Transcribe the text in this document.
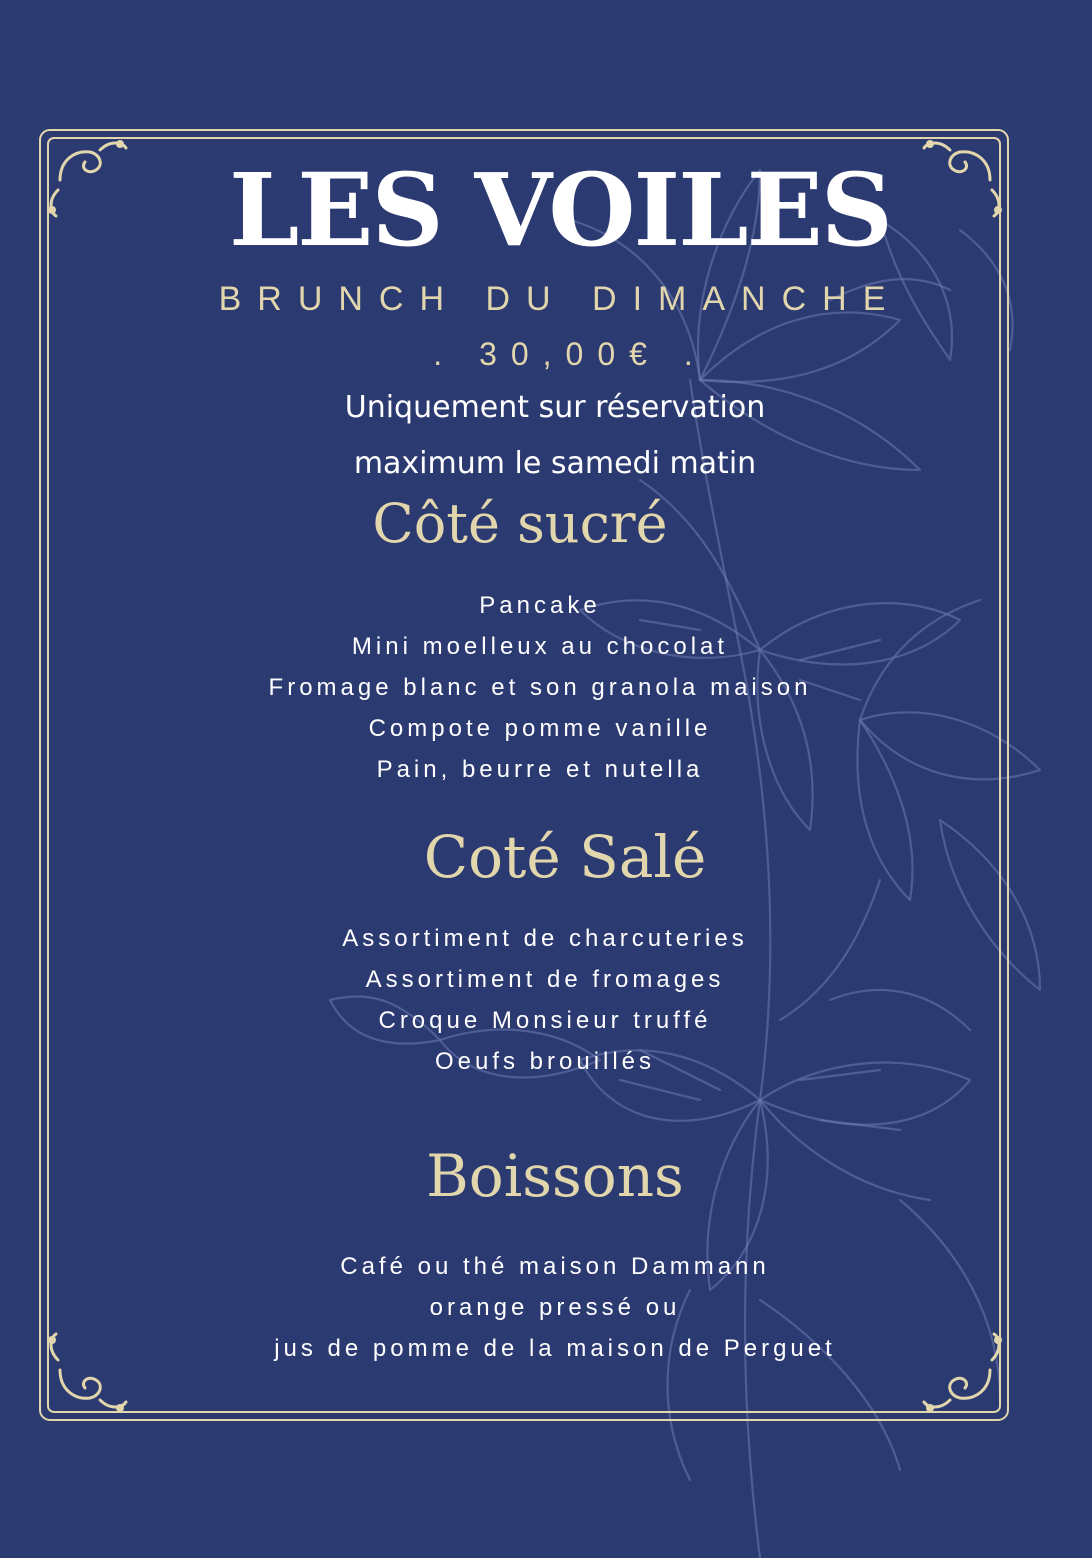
LES VOILES
BRUNCH DU DIMANCHE
. 30,00€ .
Uniquement sur réservation
maximum le samedi matin
Côté sucré
Pancake
Mini moelleux au chocolat
Fromage blanc et son granola maison
Compote pomme vanille
Pain, beurre et nutella
Coté Salé
Assortiment de charcuteries
Assortiment de fromages
Croque Monsieur truffé
Oeufs brouillés
Boissons
Café ou thé maison Dammann
orange pressé ou
jus de pomme de la maison de Perguet
